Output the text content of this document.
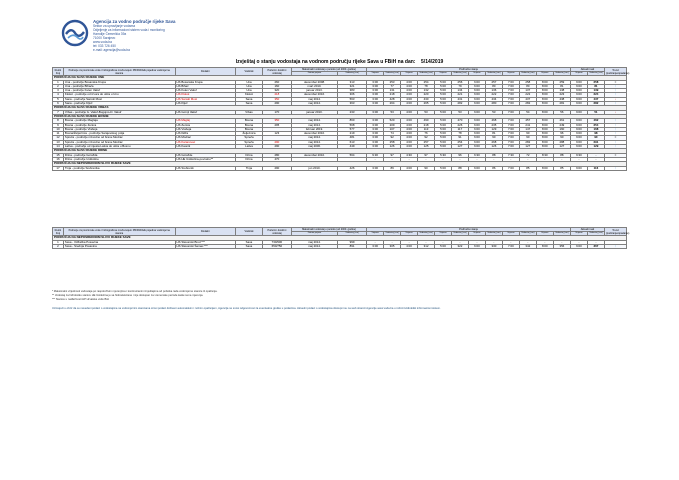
Agencija za vodno područje rijeke Sava
Sektor za upravljanje vodama
Odjeljenje za informacioni sistem voda i monitoring
Hamdije Čemerlića 39a
71000 Sarajevo
www.voda.ba
tel: 033 726 450
e-mail: agencija@voda.ba
Izvještaj o stanju vodostaja na vodnom području rijeke Sava u FBiH na dan: 5/14/2019
Redni broj	Podrucje za povrsinske vode i hidrograficna mreža kojem PRIPADA/E pojedina vodomjerna stanica	Dodatni	Vodotok	Početni i dostizni vodostaj	Maksimalni vodostaj u periodu (od 2000. godine)		Prethodno stanje												Aktuelni sati		Trend (podizanje/opadanje)
					Datum pojave	Vodostaj (cm)	Vrijeme	Vodostaj (cm)	Vrijeme	Vodostaj (cm)	Vrijeme	Vodostaj (cm)	Vrijeme	Vodostaj (cm)	Vrijeme	Vodostaj (cm)	Vrijeme	Vodostaj (cm)	Vrijeme	Vodostaj (cm)	
PODRUČJA NA SLIVU RIJEKE UNE																					
1	Una - područje Bosanska Krupa	HS Bosanska Krupa	Una	260	decembar 2008.	313	3:00	253	4:00	254	5:00	256	6:00	257	7:00	258	8:00	259	9:00	258	=
2	Una - područje Bihaća	HS Bihać	Una	160	mart 2010.	321	3:00	77	4:00	78	5:00	79	6:00	80	7:00	80	8:00	81	9:00	81	↑
3	Una - područje Kulen Vakuf	HS Kulen Vakuf	Una	320	januar 2013.	383	3:00	131	4:00	132	5:00	134	6:00	136	7:00	137	8:00	138	9:00	139	↑
4	Klokot - područje od izvora do ušća u Unu	HS Klokot	Klokot	218	decembar 2016.	306	3:00	218	4:00	220	5:00	221	6:00	222	7:00	222	8:00	223	9:00	224	↑
5	Sana - područje Sanski Most	HS Sanski Most	Sana	350	maj 2014.	563	3:00	428	4:00	430	5:00	431	6:00	434	7:00	437	8:00	438	9:00	437	↓
6	Sana - područje Ključ	HS Ključ	Sana	290	maj 2014.	363	3:00	264	4:00	265	5:00	282	6:00	280	7:00	282	8:00	281	9:00	282	↑
PODRUČJA NA SLIVU RIJEKE VRBAS																					
7	Vrbas - područje G. Vakuf-Bugojno-D. Vakuf	HS Gornji Vakuf	Vrbas	170	januar 2010.	233	3:00	53	4:00	53	5:00	53	6:00	53	7:00	54	8:00	56	9:00	51	↓
PODRUČJA NA SLIVU RIJEKE BOSNE																					
8	Bosna - područje Maglaja	HS Maglaj	Bosna	350	maj 2014.	860	3:00	520	4:00	490	5:00	470	6:00	468	7:00	457	8:00	461	9:00	462	↑
9	Bosna - područje Zenica	HS Zenica	Bosna	295	maj 2014.	568	3:00	209	4:00	218	5:00	226	6:00	235	7:00	241	8:00	249	9:00	254	↑
10	Bosna - područje Vraboja	HS Vraboja	Bosna		februar 2019.	577	3:00	107	4:00	113	5:00	117	6:00	129	7:00	147	8:00	160	9:00	168	↑
11	Bosna/Željeznica - područje Sarajevskog polja	HS Ilidža	Željeznica	123	decembar 2010.	219	3:00	74	4:00	76	5:00	78	6:00	81	7:00	90	8:00	96	9:00	98	↑
12	Spreča - područje nizvodno od brane Modrac	HS Modrac	Spreča		maj 2014.	481	3:00	92	4:00	92	5:00	91	6:00	90	7:00	90	8:00	90	9:00	90	=
13	Spreča - područje nizvodno od brane Modrac	HS Karanovac	Spreča	290	maj 2014.	613	3:00	258	4:00	257	5:00	254	6:00	268	7:00	282	8:00	288	9:00	291	↑
14	Lašva - područje od mjesta Lašva do ušća u Bosnu	HS Kaonik	Lašva	290	maj 2006.	449	3:00	126	4:00	125	5:00	127	6:00	126	7:00	127	8:00	127	9:00	129	↑
PODRUČJA NA SLIVU RIJEKE DRINE																					
15	Drina - područje Goražda	HS Goražde	Drina	280	decembar 2010.	564	9:30	97	4:30	97	5:30	96	6:30	88	7:30	72	8:30	88	9:30	-	=
16	Drina - područje Ustikoline	HS HE Ustikolina-povratno**	Drina	470			-	-	-	-	-	-	-	-	-	-	-	-	-	-	
PODRUČJA NA NEPOSREDNOM SLIVU RIJEKE SAVE																					
17	Tinja - područje Srebrenika	HS Srebrenik	Tinja	290	jun 2010.	426	3:00	89	4:00	90	5:00	88	6:00	86	7:00	85	8:00	85	9:00	116	↑
Redni broj	Podrucje za povrsinske vode i hidrograficna mreža kojem PRIPADA/E pojedina vodomjerna stanica	Dodatni	Vodotok	Početni i dostizni vodostaj	Maksimalni vodostaj u periodu (od 2000. godine)		Prethodno stanje												Aktuelni sati		Trend (podizanje/opadanje)
					Datum pojave	Vodostaj (cm)	Vrijeme	Vodostaj (cm)	Vrijeme	Vodostaj (cm)	Vrijeme	Vodostaj (cm)	Vrijeme	Vodostaj (cm)	Vrijeme	Vodostaj (cm)	Vrijeme	Vodostaj (cm)	Vrijeme	Vodostaj (cm)	
PODRUČJA NA NEPOSREDNOM SLIVU RIJEKE SAVE																					
1	Sava - Odžačka Posavina	HS Slavonski Brod ***	Sava	730/900	maj 2014.	999	-	-	-	-	-	-	-	-	-	-	-	-	-	-	
2	Sava - Srednja Posavina	HS Slavonski Šamac ***	Sava	650/750	maj 2014.	891	3:00	305	4:00	312	5:00	322	6:00	330	7:00	342	8:00	356	9:00	367	↑
* Maksimalni vrijednosti vodostaja po raspoloživim mjerenjima i kontinuiranim izvještajima od početka rada vodomjerne stanice ili opažanja.
** Vodostaj za hidrološku stanicu HE Ustikolina je sa hidroelektrane i nije dostupan za vremenske periode kada nema mjerenja.
*** Stanice u nadležnosti HP Hrvatske vode BiH
Uzimajući u obzir da su navedeni podaci o vodostajima na vodomjernim stanicama sirovi podaci dobiveni automatskim i ručnim opažanjem, Agencija ne snosi odgovornost za eventualne greške u podacima. Aktuelni podaci o vodostajima dostupni su na web stranici Agencije www.voda.ba u rubrici Hidrološki informacioni sistem.
